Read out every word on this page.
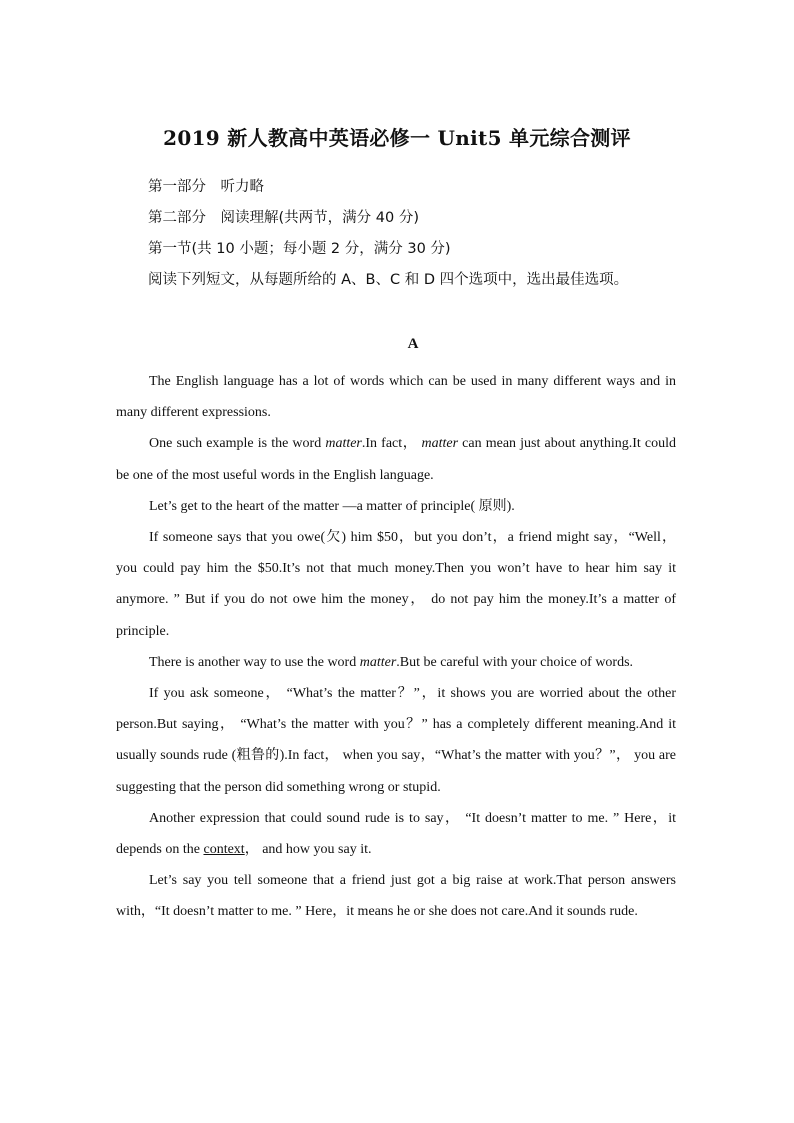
2019 新人教高中英语必修一 Unit5 单元综合测评
第一部分　听力略
第二部分　阅读理解(共两节，满分 40 分)
第一节(共 10 小题；每小题 2 分，满分 30 分)
阅读下列短文，从每题所给的 A、B、C 和 D 四个选项中，选出最佳选项。
A

The English language has a lot of words which can be used in many different ways and in many different expressions.

One such example is the word matter.In fact， matter can mean just about anything.It could be one of the most useful words in the English language.

Let’s get to the heart of the matter —a matter of principle( 原则).

If someone says that you owe(欠) him $50，but you don’t，a friend might say，“Well， you could pay him the $50.It’s not that much money.Then you won’t have to hear him say it anymore. ” But if you do not owe him the money， do not pay him the money.It’s a matter of principle.

There is another way to use the word matter.But be careful with your choice of words.

If you ask someone， “What’s the matter？”，it shows you are worried about the other person.But saying， “What’s the matter with you？” has a completely different meaning.And it usually sounds rude (粗鲁的).In fact， when you say，“What’s the matter with you？”， you are suggesting that the person did something wrong or stupid.

Another expression that could sound rude is to say， “It doesn’t matter to me. ” Here，it depends on the context， and how you say it.

Let’s say you tell someone that a friend just got a big raise at work.That person answers with，“It doesn’t matter to me. ” Here，it means he or she does not care.And it sounds rude.
